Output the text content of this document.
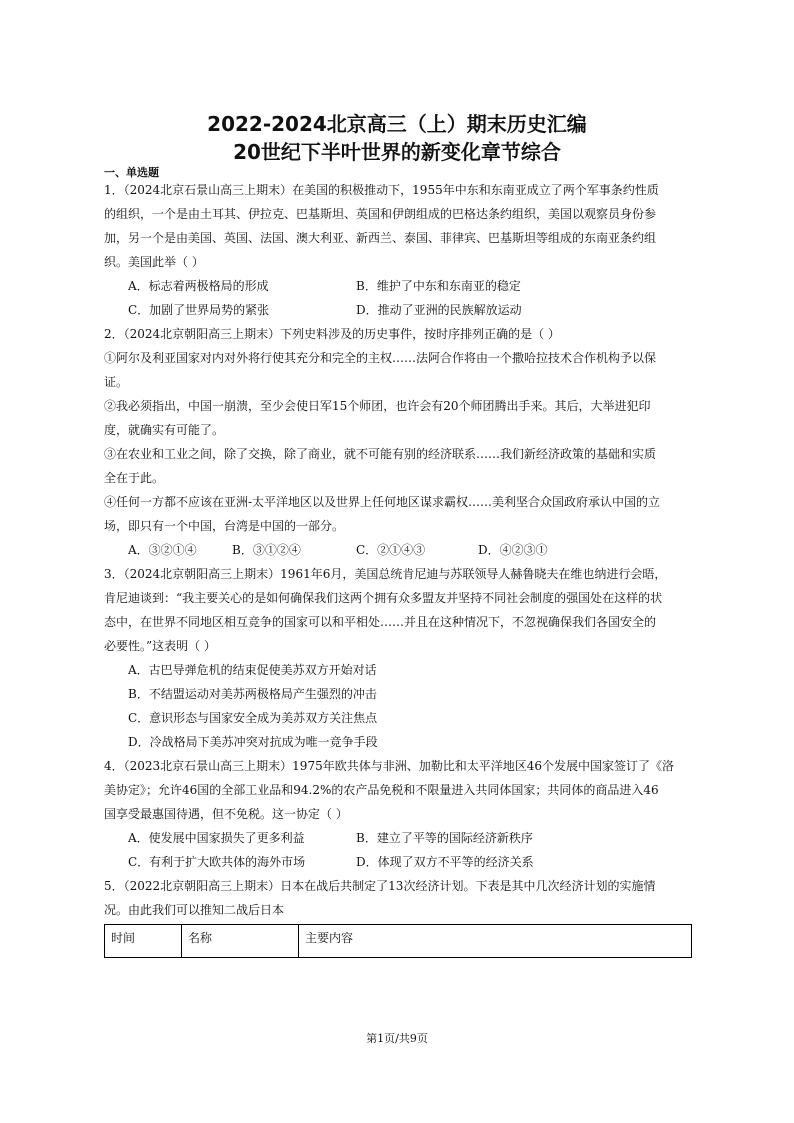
2022-2024北京高三（上）期末历史汇编
20世纪下半叶世界的新变化章节综合
一、单选题
1．（2024北京石景山高三上期末）在美国的积极推动下，1955年中东和东南亚成立了两个军事条约性质
的组织，一个是由土耳其、伊拉克、巴基斯坦、英国和伊朗组成的巴格达条约组织，美国以观察员身份参
加，另一个是由美国、英国、法国、澳大利亚、新西兰、泰国、菲律宾、巴基斯坦等组成的东南亚条约组
织。美国此举（ ）
A．标志着两极格局的形成	B．维护了中东和东南亚的稳定
C．加剧了世界局势的紧张	D．推动了亚洲的民族解放运动
2．（2024北京朝阳高三上期末）下列史料涉及的历史事件，按时序排列正确的是（ ）
①阿尔及利亚国家对内对外将行使其充分和完全的主权……法阿合作将由一个撒哈拉技术合作机构予以保
证。
②我必须指出，中国一崩溃，至少会使日军15个师团，也许会有20个师团腾出手来。其后，大举进犯印
度，就确实有可能了。
③在农业和工业之间，除了交换，除了商业，就不可能有别的经济联系……我们新经济政策的基础和实质
全在于此。
④任何一方都不应该在亚洲-太平洋地区以及世界上任何地区谋求霸权……美利坚合众国政府承认中国的立
场，即只有一个中国，台湾是中国的一部分。
A．③②①④	B．③①②④	C．②①④③	D．④②③①
3．（2024北京朝阳高三上期末）1961年6月，美国总统肯尼迪与苏联领导人赫鲁晓夫在维也纳进行会晤，
肯尼迪谈到：“我主要关心的是如何确保我们这两个拥有众多盟友并坚持不同社会制度的强国处在这样的状
态中，在世界不同地区相互竞争的国家可以和平相处……并且在这种情况下，不忽视确保我们各国安全的
必要性。”这表明（ ）
A．古巴导弹危机的结束促使美苏双方开始对话
B．不结盟运动对美苏两极格局产生强烈的冲击
C．意识形态与国家安全成为美苏双方关注焦点
D．冷战格局下美苏冲突对抗成为唯一竞争手段
4．（2023北京石景山高三上期末）1975年欧共体与非洲、加勒比和太平洋地区46个发展中国家签订了《洛
美协定》；允许46国的全部工业品和94.2%的农产品免税和不限量进入共同体国家；共同体的商品进入46
国享受最惠国待遇，但不免税。这一协定（ ）
A．使发展中国家损失了更多利益	B．建立了平等的国际经济新秩序
C．有利于扩大欧共体的海外市场	D．体现了双方不平等的经济关系
5．（2022北京朝阳高三上期末）日本在战后共制定了13次经济计划。下表是其中几次经济计划的实施情
况。由此我们可以推知二战后日本
时间	名称	主要内容
第1页/共9页
